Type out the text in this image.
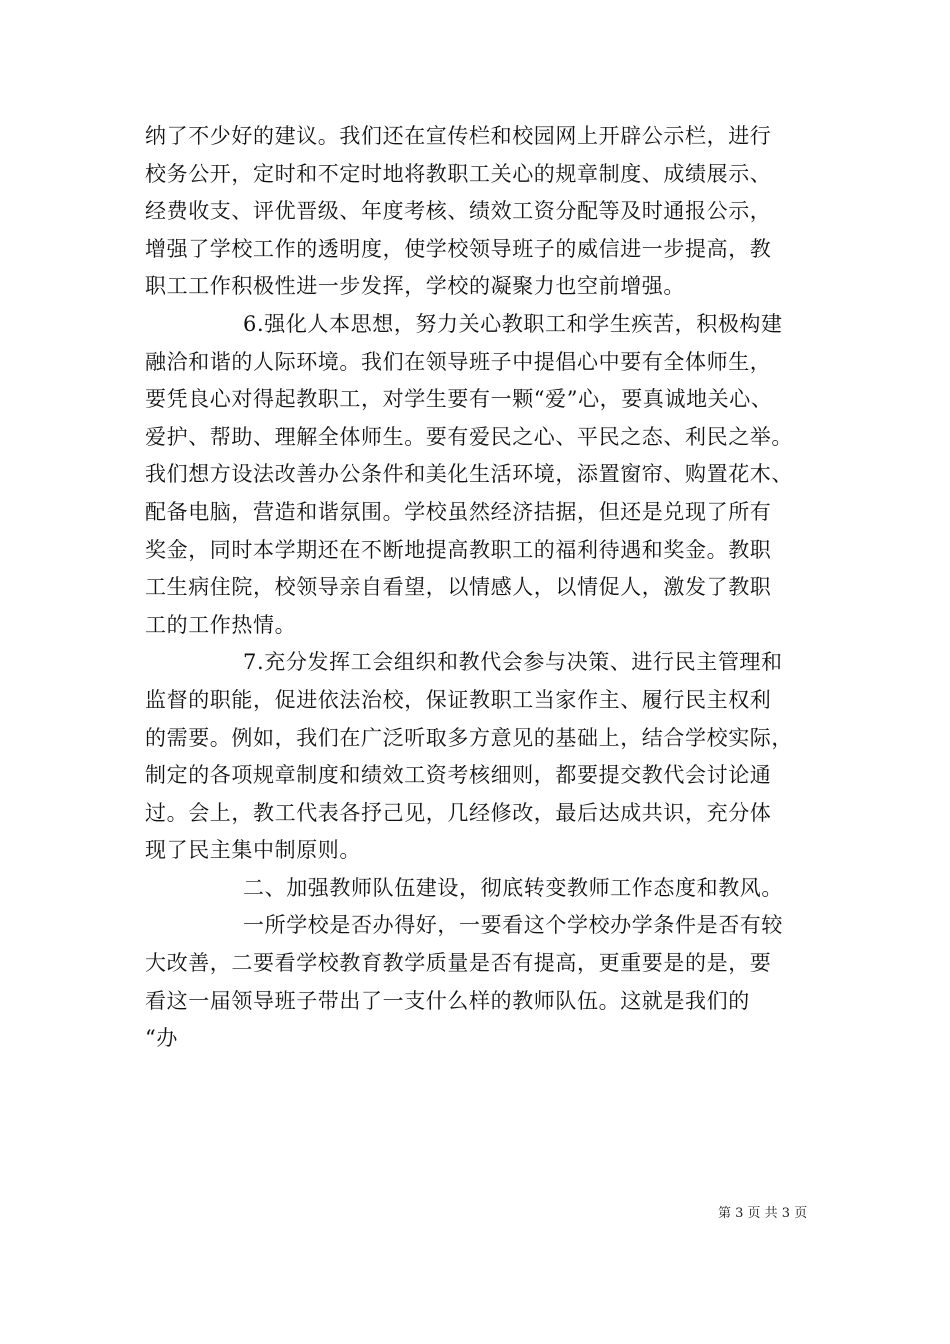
纳了不少好的建议。我们还在宣传栏和校园网上开辟公示栏，进行
校务公开，定时和不定时地将教职工关心的规章制度、成绩展示、
经费收支、评优晋级、年度考核、绩效工资分配等及时通报公示，
增强了学校工作的透明度，使学校领导班子的威信进一步提高，教
职工工作积极性进一步发挥，学校的凝聚力也空前增强。
6.强化人本思想，努力关心教职工和学生疾苦，积极构建
融洽和谐的人际环境。我们在领导班子中提倡心中要有全体师生，
要凭良心对得起教职工，对学生要有一颗“爱”心，要真诚地关心、
爱护、帮助、理解全体师生。要有爱民之心、平民之态、利民之举。
我们想方设法改善办公条件和美化生活环境，添置窗帘、购置花木、
配备电脑，营造和谐氛围。学校虽然经济拮据，但还是兑现了所有
奖金，同时本学期还在不断地提高教职工的福利待遇和奖金。教职
工生病住院，校领导亲自看望，以情感人，以情促人，激发了教职
工的工作热情。
7.充分发挥工会组织和教代会参与决策、进行民主管理和
监督的职能，促进依法治校，保证教职工当家作主、履行民主权利
的需要。例如，我们在广泛听取多方意见的基础上，结合学校实际，
制定的各项规章制度和绩效工资考核细则，都要提交教代会讨论通
过。会上，教工代表各抒己见，几经修改，最后达成共识，充分体
现了民主集中制原则。
二、加强教师队伍建设，彻底转变教师工作态度和教风。
一所学校是否办得好，一要看这个学校办学条件是否有较
大改善，二要看学校教育教学质量是否有提高，更重要是的是，要
看这一届领导班子带出了一支什么样的教师队伍。这就是我们的
“办
第 3 页 共 3 页
